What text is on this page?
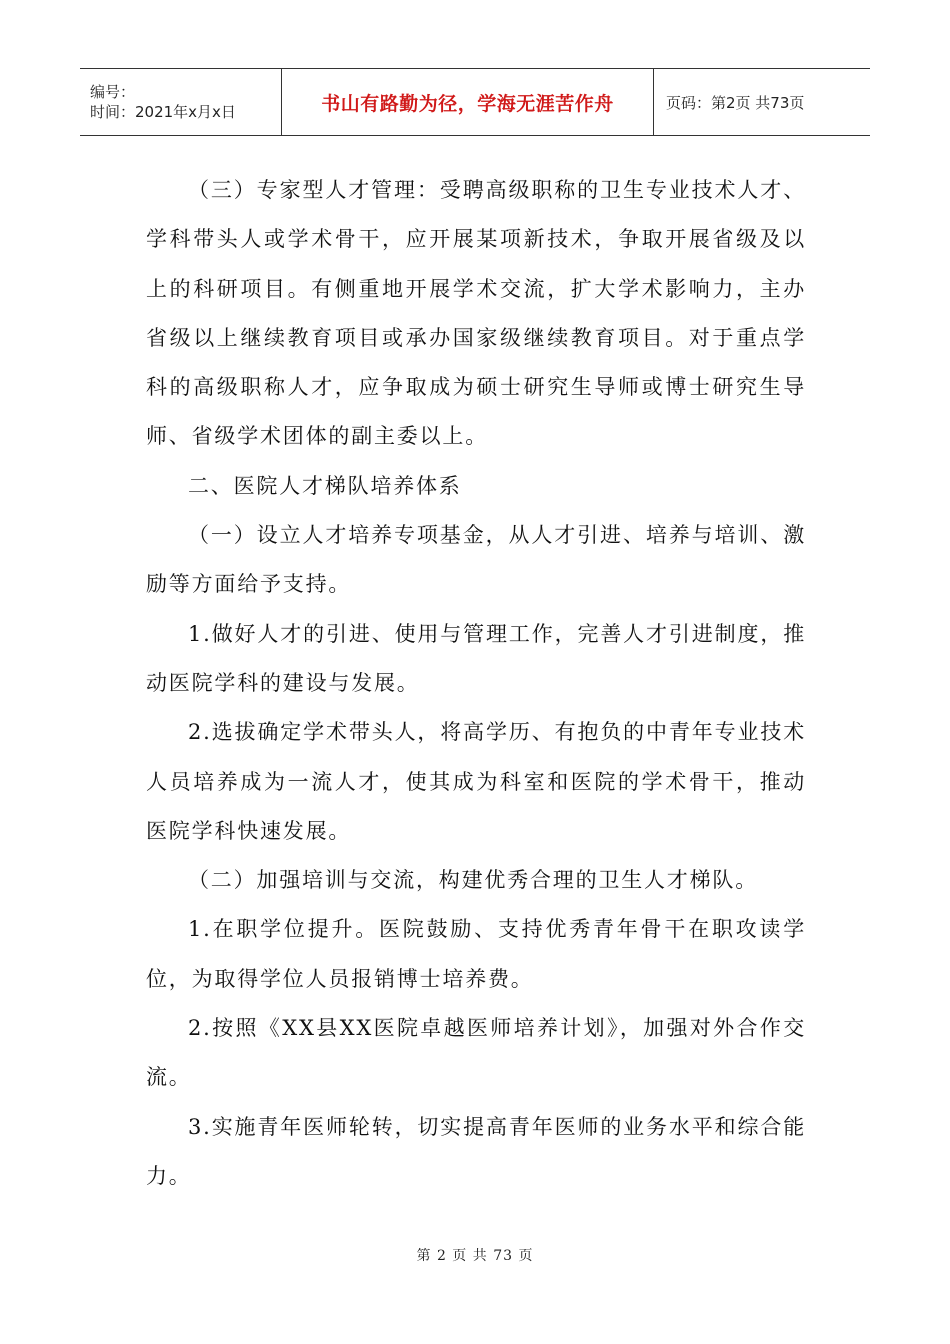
编号：
时间：2021年x月x日	书山有路勤为径，学海无涯苦作舟	页码：第2页 共73页

（三）专家型人才管理：受聘高级职称的卫生专业技术人才、学科带头人或学术骨干，应开展某项新技术，争取开展省级及以上的科研项目。有侧重地开展学术交流，扩大学术影响力，主办省级以上继续教育项目或承办国家级继续教育项目。对于重点学科的高级职称人才，应争取成为硕士研究生导师或博士研究生导师、省级学术团体的副主委以上。

二、医院人才梯队培养体系

（一）设立人才培养专项基金，从人才引进、培养与培训、激励等方面给予支持。

1.做好人才的引进、使用与管理工作，完善人才引进制度，推动医院学科的建设与发展。

2.选拔确定学术带头人，将高学历、有抱负的中青年专业技术人员培养成为一流人才，使其成为科室和医院的学术骨干，推动医院学科快速发展。

（二）加强培训与交流，构建优秀合理的卫生人才梯队。

1.在职学位提升。医院鼓励、支持优秀青年骨干在职攻读学位，为取得学位人员报销博士培养费。

2.按照《XX县XX医院卓越医师培养计划》，加强对外合作交流。

3.实施青年医师轮转，切实提高青年医师的业务水平和综合能力。

第 2 页 共 73 页
